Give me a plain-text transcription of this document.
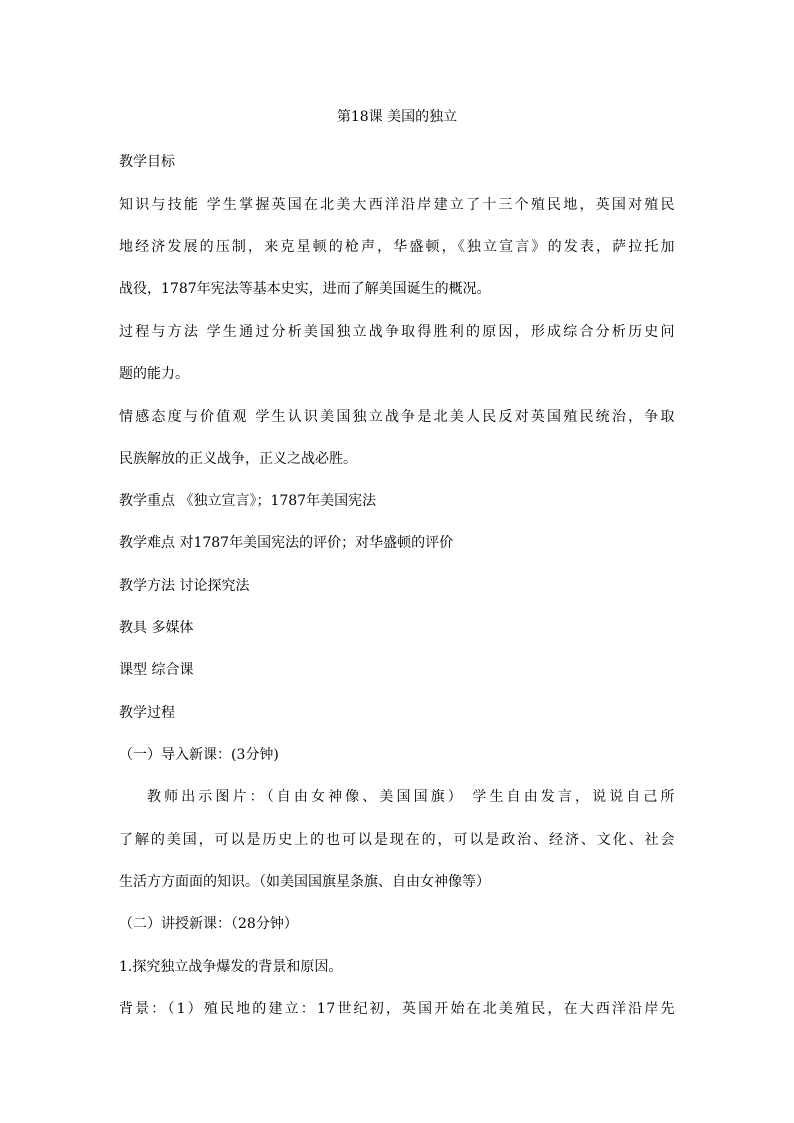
第18课 美国的独立
教学目标
知识与技能 学生掌握英国在北美大西洋沿岸建立了十三个殖民地，英国对殖民
地经济发展的压制，来克星顿的枪声，华盛顿，《独立宣言》的发表，萨拉托加
战役，1787年宪法等基本史实，进而了解美国诞生的概况。
过程与方法 学生通过分析美国独立战争取得胜利的原因，形成综合分析历史问
题的能力。
情感态度与价值观 学生认识美国独立战争是北美人民反对英国殖民统治，争取
民族解放的正义战争，正义之战必胜。
教学重点 《独立宣言》；1787年美国宪法
教学难点 对1787年美国宪法的评价；对华盛顿的评价
教学方法 讨论探究法
教具 多媒体
课型 综合课
教学过程
（一）导入新课：(3分钟)
教师出示图片：（自由女神像、美国国旗） 学生自由发言，说说自己所
了解的美国，可以是历史上的也可以是现在的，可以是政治、经济、文化、社会
生活方方面面的知识。（如美国国旗星条旗、自由女神像等）
（二）讲授新课：（28分钟）
1.探究独立战争爆发的背景和原因。
背景：（1）殖民地的建立：17世纪初，英国开始在北美殖民，在大西洋沿岸先
